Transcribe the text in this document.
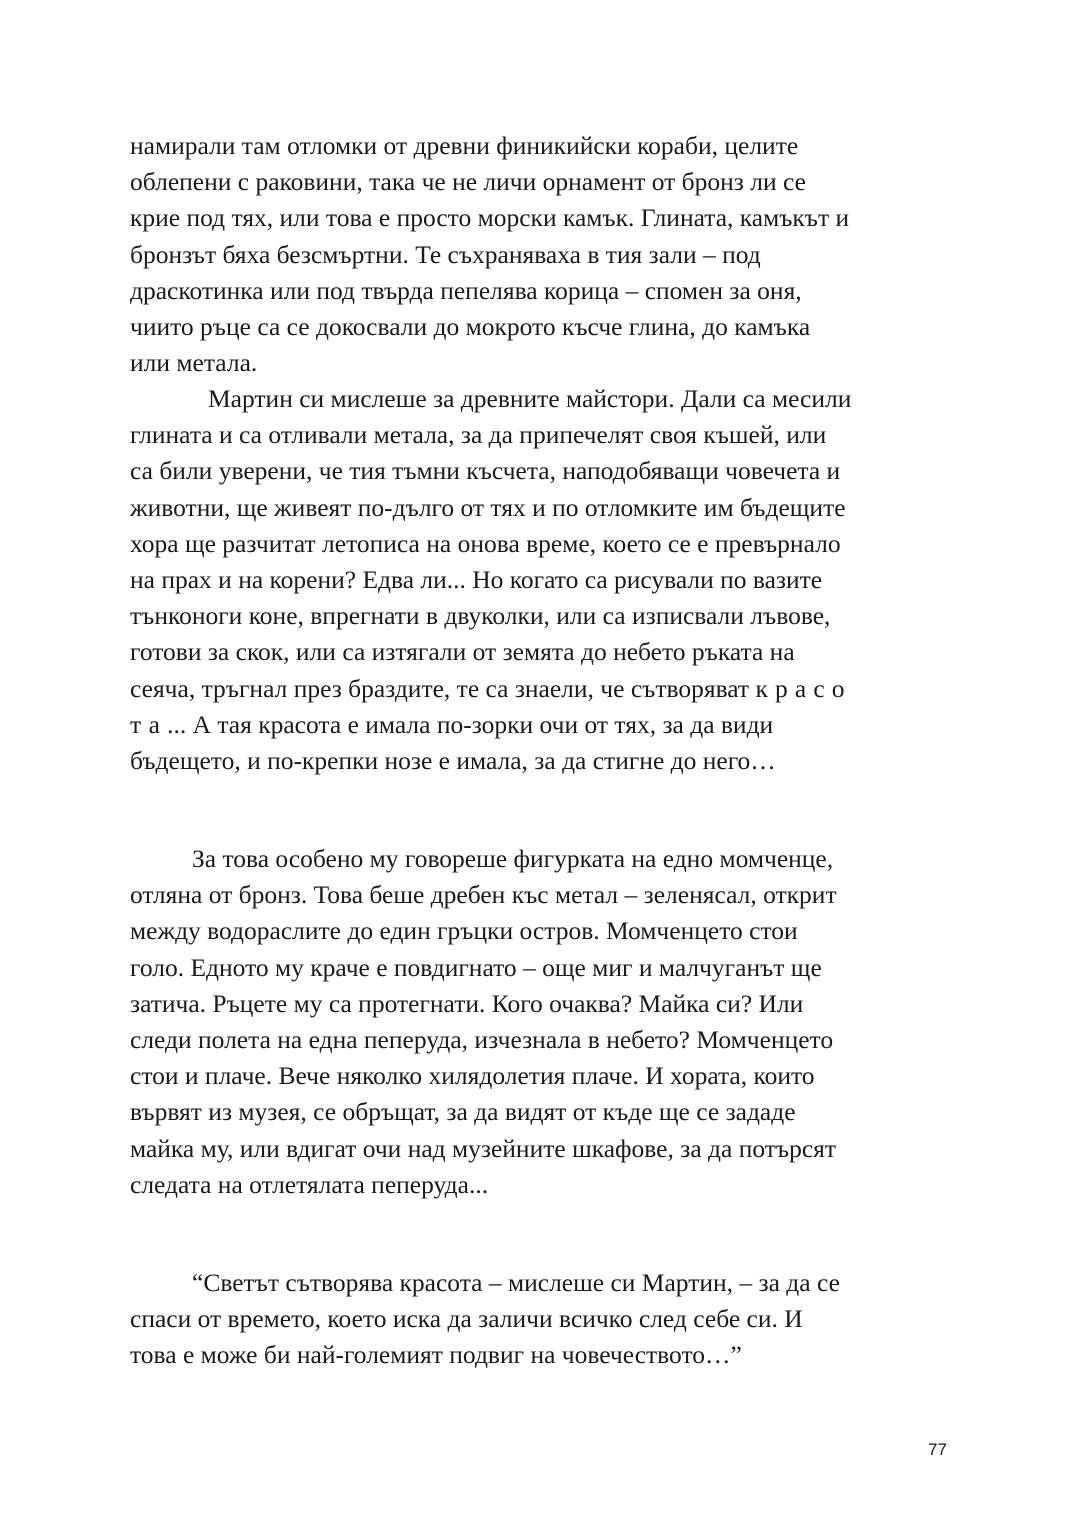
намирали там отломки от древни финикийски кораби, целите
облепени с раковини, така че не личи орнамент от бронз ли се
крие под тях, или това е просто морски камък. Глината, камъкът и
бронзът бяха безсмъртни. Те съхраняваха в тия зали – под
драскотинка или под твърда пепелява корица – спомен за оня,
чиито ръце са се докосвали до мокрото късче глина, до камъка
или метала.
Мартин си мислеше за древните майстори. Дали са месили
глината и са отливали метала, за да припечелят своя къшей, или
са били уверени, че тия тъмни късчета, наподобяващи човечета и
животни, ще живеят по-дълго от тях и по отломките им бъдещите
хора ще разчитат летописа на онова време, което се е превърнало
на прах и на корени? Едва ли... Но когато са рисували по вазите
тънконоги коне, впрегнати в двуколки, или са изписвали лъвове,
готови за скок, или са изтягали от земята до небето ръката на
сеяча, тръгнал през браздите, те са знаели, че сътворяват красо
та... А тая красота е имала по-зорки очи от тях, за да види
бъдещето, и по-крепки нозе е имала, за да стигне до него…
За това особено му говореше фигурката на едно момченце,
отляна от бронз. Това беше дребен къс метал – зеленясал, открит
между водораслите до един гръцки остров. Момченцето стои
голо. Едното му краче е повдигнато – още миг и малчуганът ще
затича. Ръцете му са протегнати. Кого очаква? Майка си? Или
следи полета на една пеперуда, изчезнала в небето? Момченцето
стои и плаче. Вече няколко хилядолетия плаче. И хората, които
вървят из музея, се обръщат, за да видят от къде ще се зададе
майка му, или вдигат очи над музейните шкафове, за да потърсят
следата на отлетялата пеперуда...
“Светът сътворява красота – мислеше си Мартин, – за да се
спаси от времето, което иска да заличи всичко след себе си. И
това е може би най-големият подвиг на човечеството…”
77
